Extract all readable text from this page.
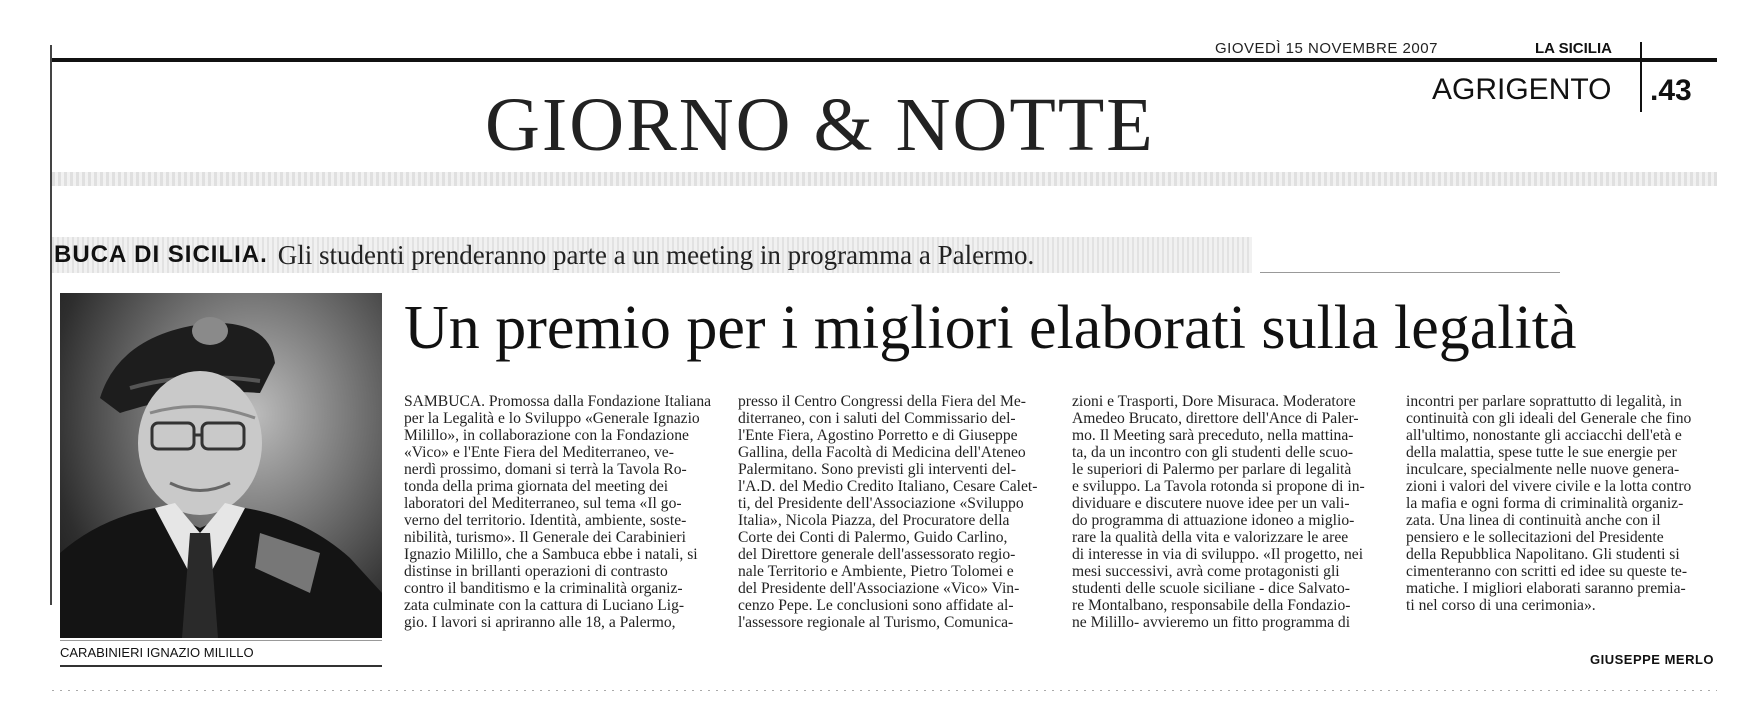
GIOVEDÌ 15 NOVEMBRE 2007	LA SICILIA
AGRIGENTO .43
GIORNO & NOTTE
BUCA DI SICILIA. Gli studenti prenderanno parte a un meeting in programma a Palermo.
CARABINIERI IGNAZIO MILILLO
Un premio per i migliori elaborati sulla legalità
SAMBUCA. Promossa dalla Fondazione Italiana
per la Legalità e lo Sviluppo «Generale Ignazio
Milillo», in collaborazione con la Fondazione
«Vico» e l'Ente Fiera del Mediterraneo, ve-
nerdì prossimo, domani si terrà la Tavola Ro-
tonda della prima giornata del meeting dei
laboratori del Mediterraneo, sul tema «Il go-
verno del territorio. Identità, ambiente, soste-
nibilità, turismo». Il Generale dei Carabinieri
Ignazio Milillo, che a Sambuca ebbe i natali, si
distinse in brillanti operazioni di contrasto
contro il banditismo e la criminalità organiz-
zata culminate con la cattura di Luciano Lig-
gio. I lavori si apriranno alle 18, a Palermo,
presso il Centro Congressi della Fiera del Me-
diterraneo, con i saluti del Commissario del-
l'Ente Fiera, Agostino Porretto e di Giuseppe
Gallina, della Facoltà di Medicina dell'Ateneo
Palermitano. Sono previsti gli interventi del-
l'A.D. del Medio Credito Italiano, Cesare Calet-
ti, del Presidente dell'Associazione «Sviluppo
Italia», Nicola Piazza, del Procuratore della
Corte dei Conti di Palermo, Guido Carlino,
del Direttore generale dell'assessorato regio-
nale Territorio e Ambiente, Pietro Tolomei e
del Presidente dell'Associazione «Vico» Vin-
cenzo Pepe. Le conclusioni sono affidate al-
l'assessore regionale al Turismo, Comunica-
zioni e Trasporti, Dore Misuraca. Moderatore
Amedeo Brucato, direttore dell'Ance di Paler-
mo. Il Meeting sarà preceduto, nella mattina-
ta, da un incontro con gli studenti delle scuo-
le superiori di Palermo per parlare di legalità
e sviluppo. La Tavola rotonda si propone di in-
dividuare e discutere nuove idee per un vali-
do programma di attuazione idoneo a miglio-
rare la qualità della vita e valorizzare le aree
di interesse in via di sviluppo. «Il progetto, nei
mesi successivi, avrà come protagonisti gli
studenti delle scuole siciliane - dice Salvato-
re Montalbano, responsabile della Fondazio-
ne Milillo- avvieremo un fitto programma di
incontri per parlare soprattutto di legalità, in
continuità con gli ideali del Generale che fino
all'ultimo, nonostante gli acciacchi dell'età e
della malattia, spese tutte le sue energie per
inculcare, specialmente nelle nuove genera-
zioni i valori del vivere civile e la lotta contro
la mafia e ogni forma di criminalità organiz-
zata. Una linea di continuità anche con il
pensiero e le sollecitazioni del Presidente
della Repubblica Napolitano. Gli studenti si
cimenteranno con scritti ed idee su queste te-
matiche. I migliori elaborati saranno premia-
ti nel corso di una cerimonia».
GIUSEPPE MERLO
